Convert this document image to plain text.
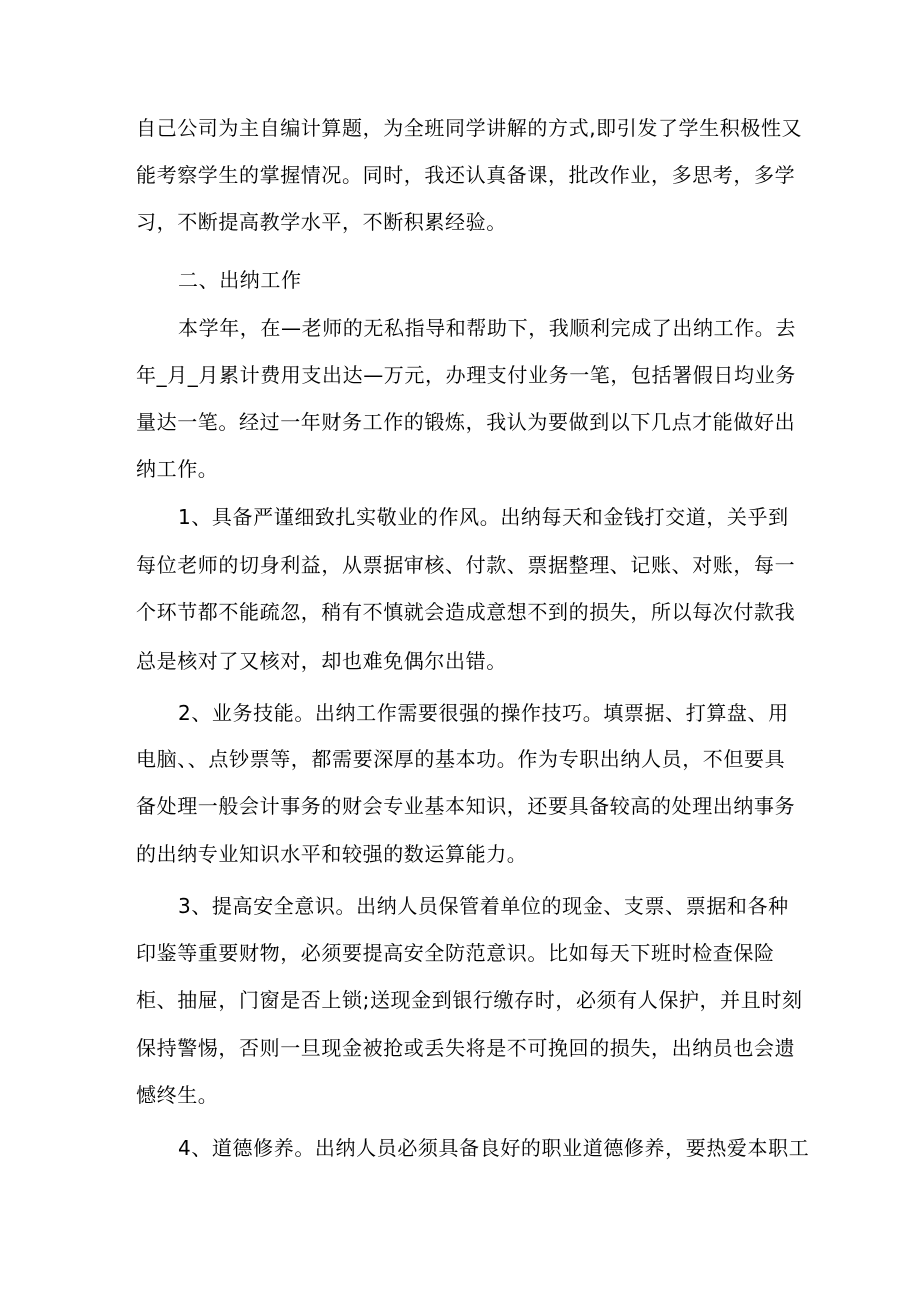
自己公司为主自编计算题，为全班同学讲解的方式,即引发了学生积极性又

能考察学生的掌握情况。同时，我还认真备课，批改作业，多思考，多学

习，不断提高教学水平，不断积累经验。

二、出纳工作

本学年，在—老师的无私指导和帮助下，我顺利完成了出纳工作。去

年_月_月累计费用支出达—万元，办理支付业务一笔，包括署假日均业务

量达一笔。经过一年财务工作的锻炼，我认为要做到以下几点才能做好出

纳工作。

1、具备严谨细致扎实敬业的作风。出纳每天和金钱打交道，关乎到

每位老师的切身利益，从票据审核、付款、票据整理、记账、对账，每一

个环节都不能疏忽，稍有不慎就会造成意想不到的损失，所以每次付款我

总是核对了又核对，却也难免偶尔出错。

2、业务技能。出纳工作需要很强的操作技巧。填票据、打算盘、用

电脑、、点钞票等，都需要深厚的基本功。作为专职出纳人员，不但要具

备处理一般会计事务的财会专业基本知识，还要具备较高的处理出纳事务

的出纳专业知识水平和较强的数运算能力。

3、提高安全意识。出纳人员保管着单位的现金、支票、票据和各种

印鉴等重要财物，必须要提高安全防范意识。比如每天下班时检查保险

柜、抽屉，门窗是否上锁;送现金到银行缴存时，必须有人保护，并且时刻

保持警惕，否则一旦现金被抢或丢失将是不可挽回的损失，出纳员也会遗

憾终生。

4、道德修养。出纳人员必须具备良好的职业道德修养，要热爱本职工
